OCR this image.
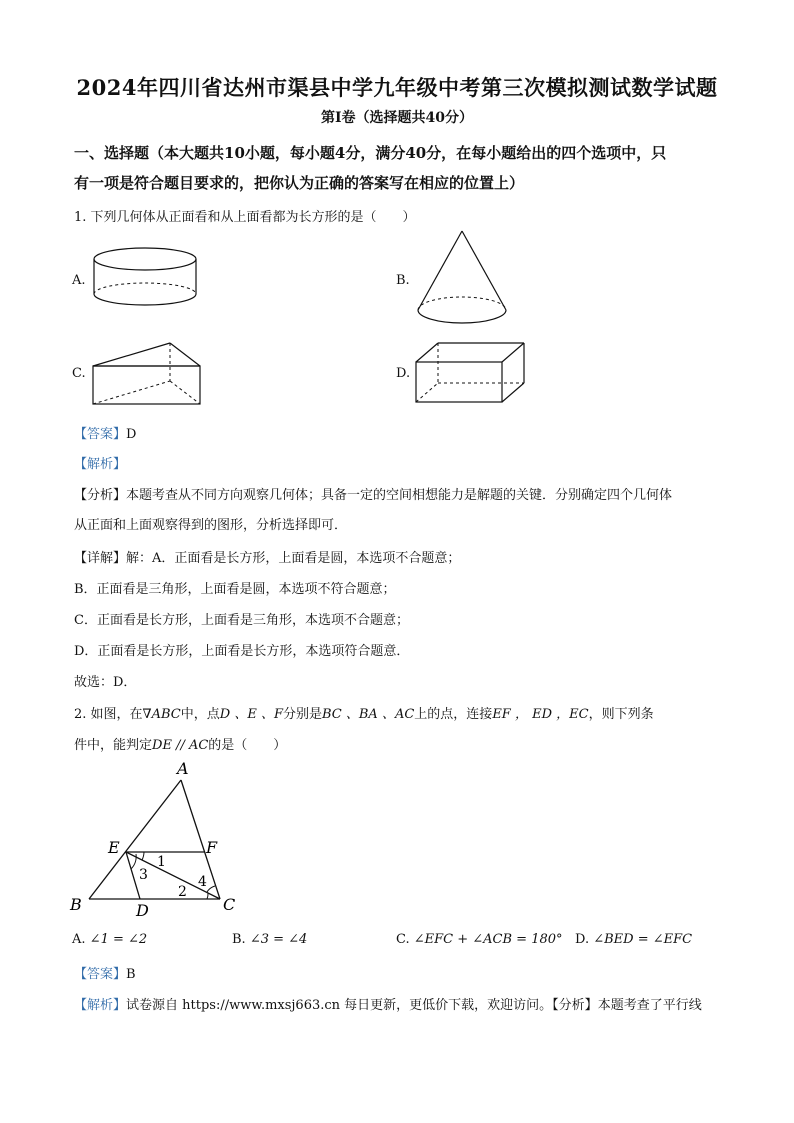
2024年四川省达州市渠县中学九年级中考第三次模拟测试数学试题
第Ⅰ卷（选择题共40分）
一、选择题（本大题共10小题，每小题4分，满分40分，在每小题给出的四个选项中，只
有一项是符合题目要求的，把你认为正确的答案写在相应的位置上）
1. 下列几何体从正面看和从上面看都为长方形的是（　　）
A.	B.
C.	D.
【答案】D
【解析】
【分析】本题考查从不同方向观察几何体；具备一定的空间相想能力是解题的关键．分别确定四个几何体
从正面和上面观察得到的图形，分析选择即可．
【详解】解：A．正面看是长方形，上面看是圆，本选项不合题意；
B．正面看是三角形，上面看是圆，本选项不符合题意；
C．正面看是长方形，上面看是三角形，本选项不合题意；
D．正面看是长方形，上面看是长方形，本选项符合题意．
故选：D．
2. 如图，在∇ABC中，点D 、E 、F分别是BC 、BA 、AC上的点，连接EF ， ED ，EC，则下列条
件中，能判定DE // AC的是（　　）
A
B	C
D
E	F
1
2
3	4
A. ∠1 = ∠2	B. ∠3 = ∠4	C. ∠EFC + ∠ACB = 180° D. ∠BED = ∠EFC
【答案】B
【解析】试卷源自 https://www.mxsj663.cn 每日更新，更低价下载，欢迎访问。【分析】本题考查了平行线
